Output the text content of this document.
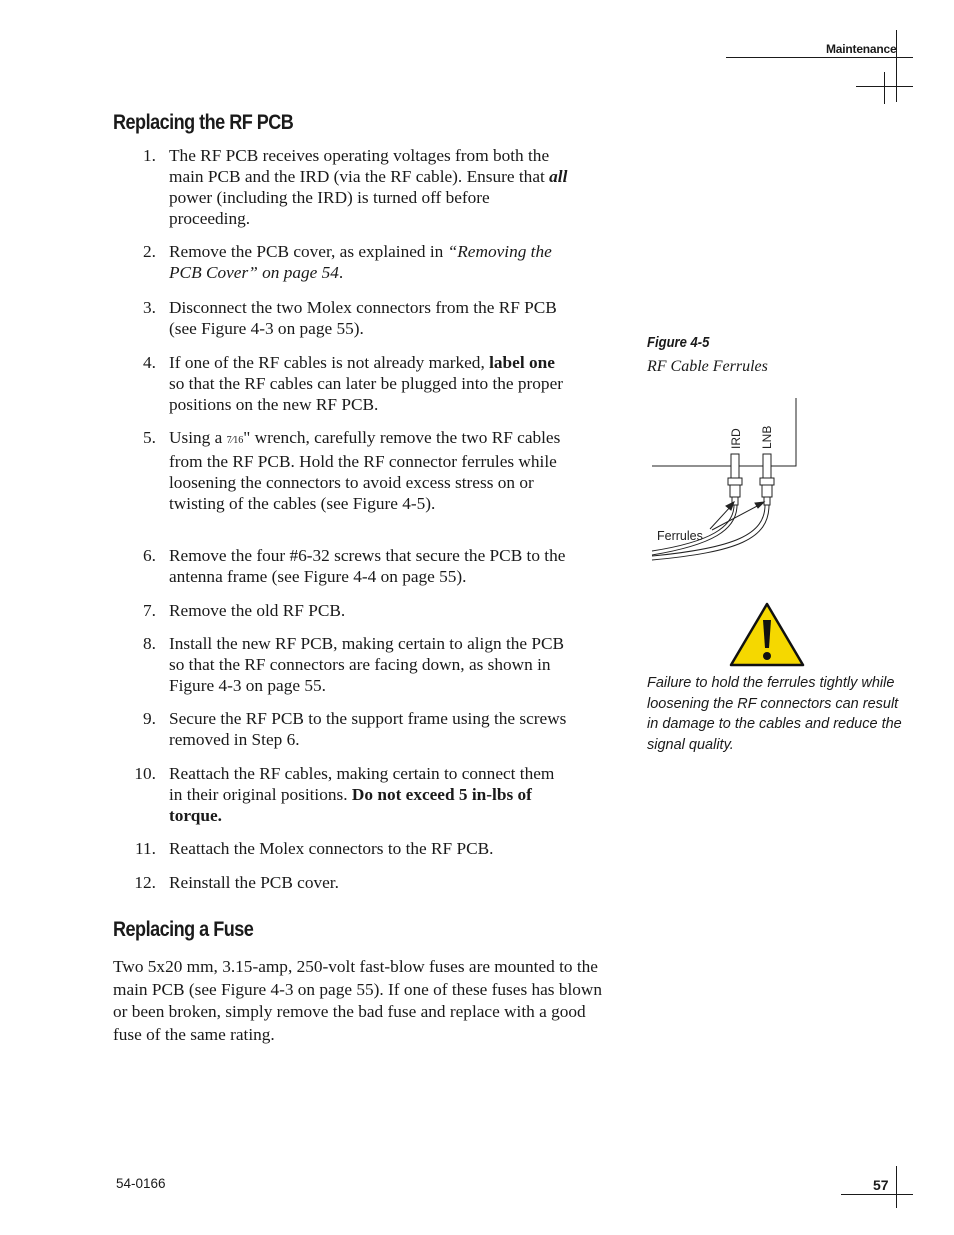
Maintenance
Replacing the RF PCB
Replacing a Fuse
1. The RF PCB receives operating voltages from both the main PCB and the IRD (via the RF cable). Ensure that all power (including the IRD) is turned off before proceeding.
2. Remove the PCB cover, as explained in “Removing the PCB Cover” on page 54.
3. Disconnect the two Molex connectors from the RF PCB (see Figure 4-3 on page 55).
4. If one of the RF cables is not already marked, label one so that the RF cables can later be plugged into the proper positions on the new RF PCB.
5. Using a 7⁄16" wrench, carefully remove the two RF cables from the RF PCB. Hold the RF connector ferrules while loosening the connectors to avoid excess stress on or twisting of the cables (see Figure 4-5).
6. Remove the four #6-32 screws that secure the PCB to the antenna frame (see Figure 4-4 on page 55).
7. Remove the old RF PCB.
8. Install the new RF PCB, making certain to align the PCB so that the RF connectors are facing down, as shown in Figure 4-3 on page 55.
9. Secure the RF PCB to the support frame using the screws removed in Step 6.
10. Reattach the RF cables, making certain to connect them in their original positions. Do not exceed 5 in-lbs of torque.
11. Reattach the Molex connectors to the RF PCB.
12. Reinstall the PCB cover.

Two 5x20 mm, 3.15-amp, 250-volt fast-blow fuses are mounted to the main PCB (see Figure 4-3 on page 55). If one of these fuses has blown or been broken, simply remove the bad fuse and replace with a good fuse of the same rating.

Figure 4-5
RF Cable Ferrules
IRD LNB
Ferrules
Failure to hold the ferrules tightly while loosening the RF connectors can result in damage to the cables and reduce the signal quality.
54-0166	57
